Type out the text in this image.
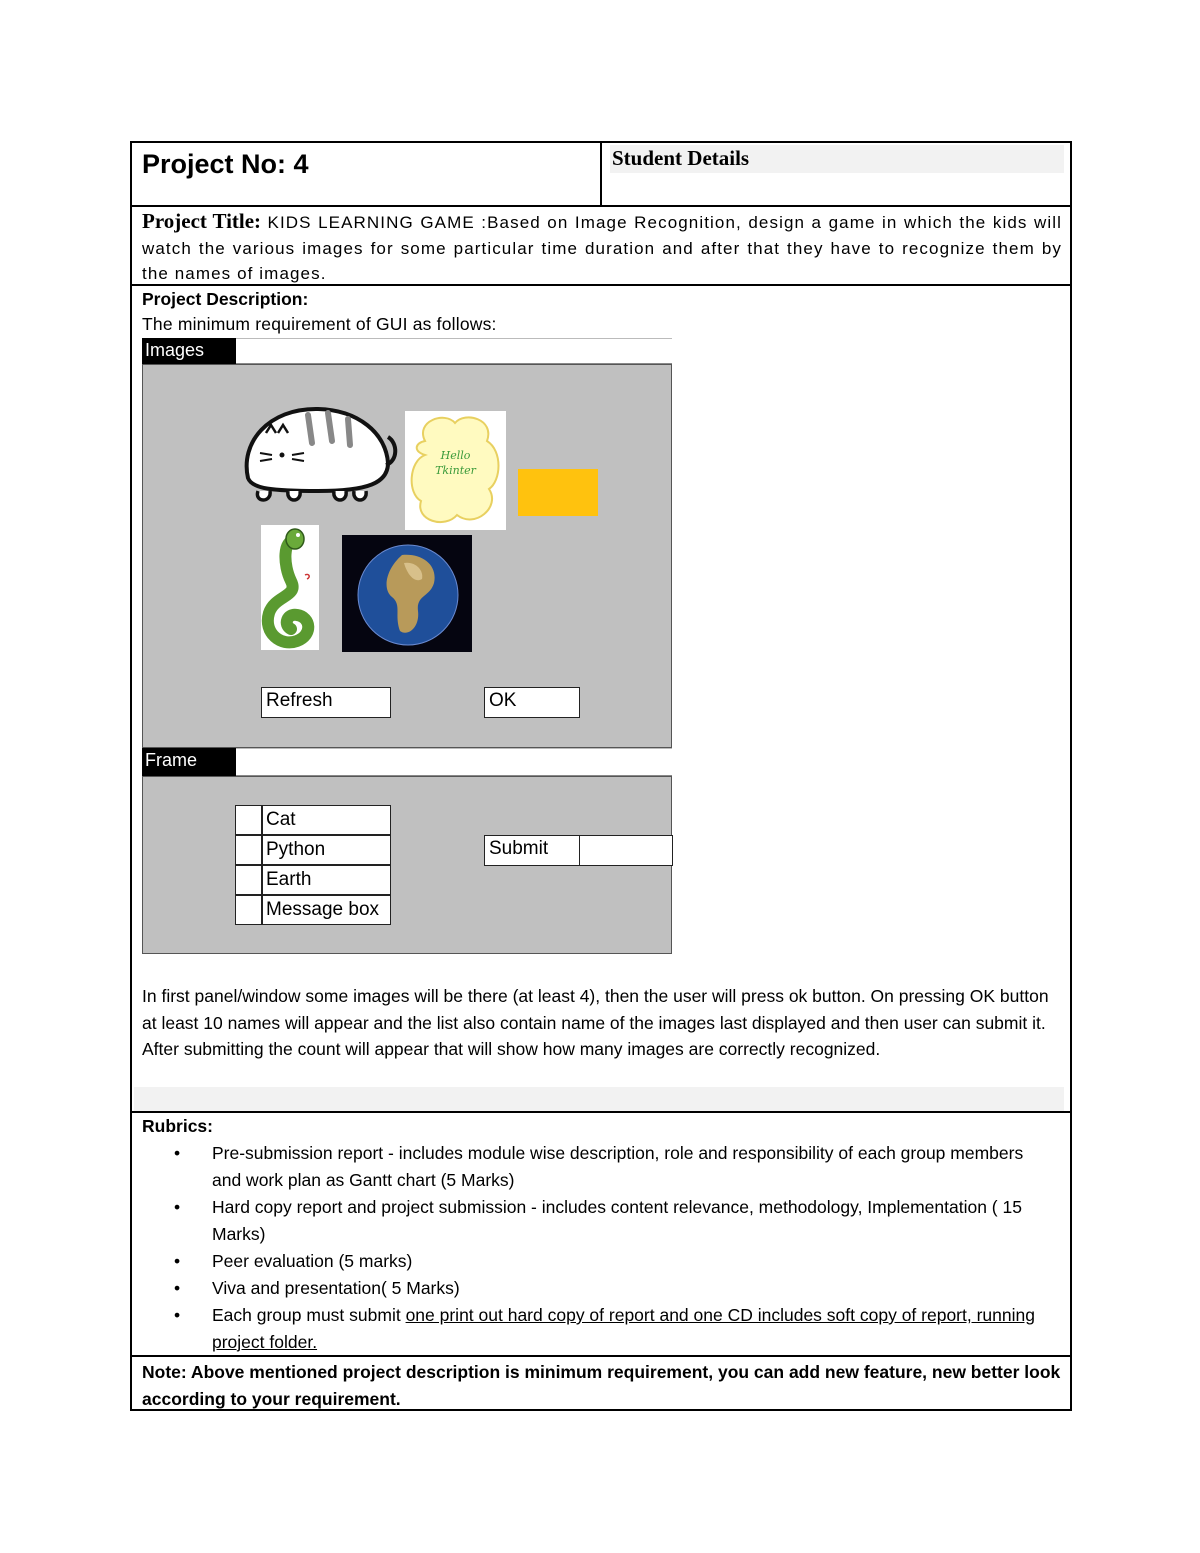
Project No: 4	Student Details
Project Title: KIDS LEARNING GAME :Based on Image Recognition, design a game in which the kids will watch the various images for some particular time duration and after that they have to recognize them by the names of images.
Project Description:
The minimum requirement of GUI as follows:
Images
Hello
Tkinter
Refresh	OK
Frame
Cat
Python
Earth
Message box
Submit
In first panel/window some images will be there (at least 4), then the user will press ok button. On pressing OK button at least 10 names will appear and the list also contain name of the images last displayed and then user can submit it. After submitting the count will appear that will show how many images are correctly recognized.
Rubrics:
• Pre-submission report - includes module wise description, role and responsibility of each group members and work plan as Gantt chart (5 Marks)
• Hard copy report and project submission - includes content relevance, methodology, Implementation ( 15 Marks)
• Peer evaluation (5 marks)
• Viva and presentation( 5 Marks)
• Each group must submit one print out hard copy of report and one CD includes soft copy of report, running project folder.
Note: Above mentioned project description is minimum requirement, you can add new feature, new better look according to your requirement.
